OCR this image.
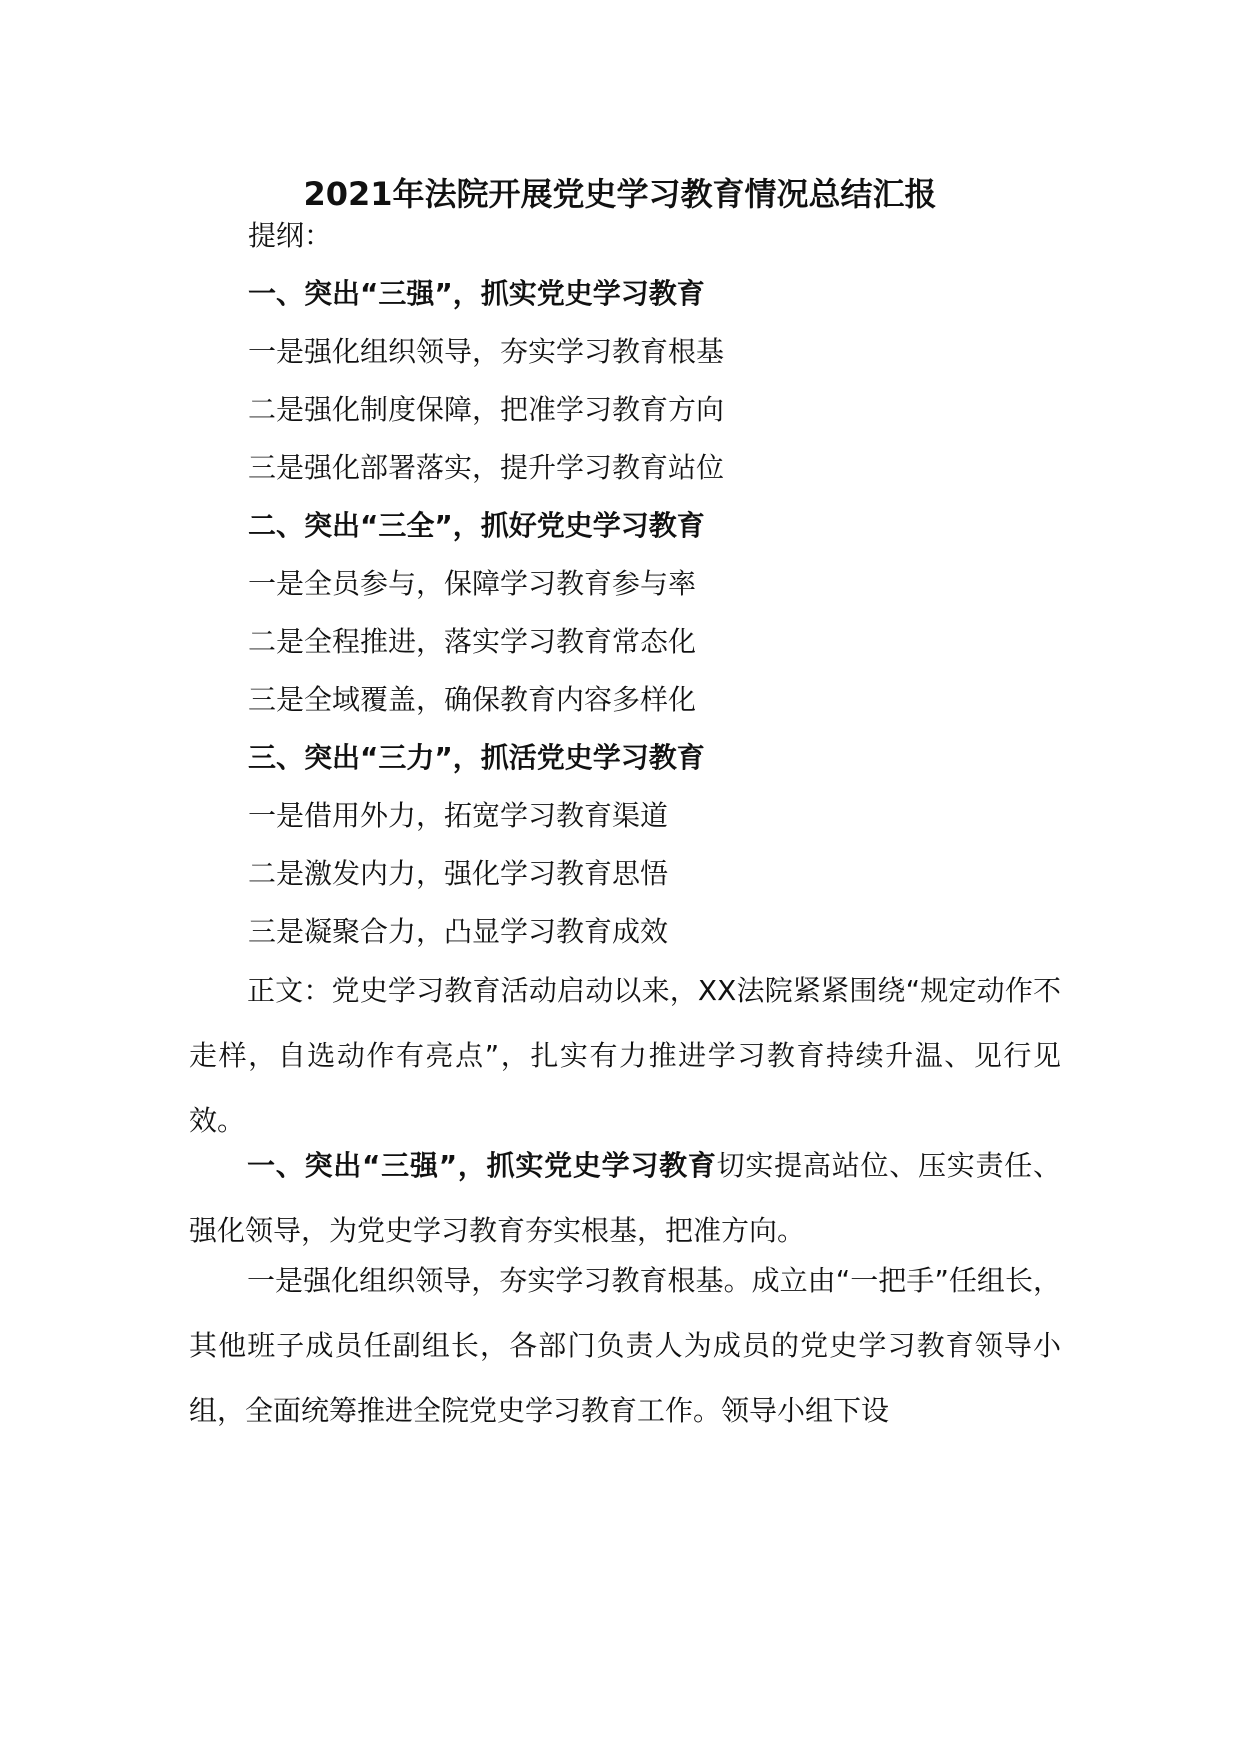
2021年法院开展党史学习教育情况总结汇报
提纲：
一、突出“三强”，抓实党史学习教育
一是强化组织领导，夯实学习教育根基
二是强化制度保障，把准学习教育方向
三是强化部署落实，提升学习教育站位
二、突出“三全”，抓好党史学习教育
一是全员参与，保障学习教育参与率
二是全程推进，落实学习教育常态化
三是全域覆盖，确保教育内容多样化
三、突出“三力”，抓活党史学习教育
一是借用外力，拓宽学习教育渠道
二是激发内力，强化学习教育思悟
三是凝聚合力，凸显学习教育成效
正文：党史学习教育活动启动以来，XX法院紧紧围绕“规定动作不走样，自选动作有亮点”，扎实有力推进学习教育持续升温、见行见效。
一、突出“三强”，抓实党史学习教育切实提高站位、压实责任、强化领导，为党史学习教育夯实根基，把准方向。
一是强化组织领导，夯实学习教育根基。成立由“一把手”任组长，其他班子成员任副组长，各部门负责人为成员的党史学习教育领导小组，全面统筹推进全院党史学习教育工作。领导小组下设
